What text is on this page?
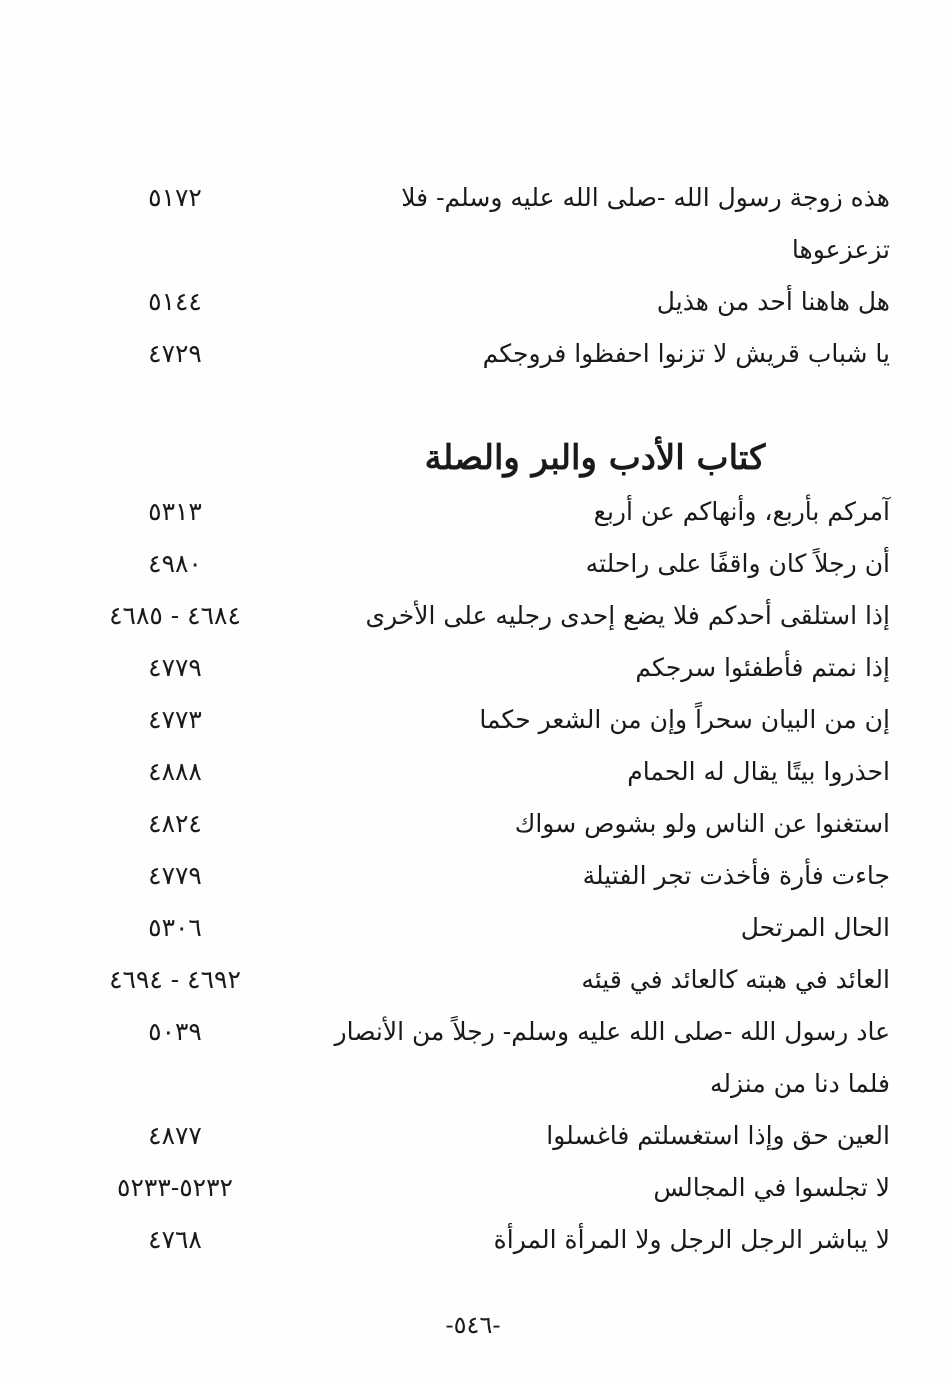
هذه زوجة رسول الله -صلى الله عليه وسلم- فلا
٥١٧٢
تزعزعوها
هل هاهنا أحد من هذيل
٥١٤٤
يا شباب قريش لا تزنوا احفظوا فروجكم
٤٧٢٩
كتاب الأدب والبر والصلة
آمركم بأربع، وأنهاكم عن أربع
٥٣١٣
أن رجلاً كان واقفًا على راحلته
٤٩٨٠
إذا استلقى أحدكم فلا يضع إحدى رجليه على الأخرى
٤٦٨٤ - ٤٦٨٥
إذا نمتم فأطفئوا سرجكم
٤٧٧٩
إن من البيان سحراً وإن من الشعر حكما
٤٧٧٣
احذروا بيتًا يقال له الحمام
٤٨٨٨
استغنوا عن الناس ولو بشوص سواك
٤٨٢٤
جاءت فأرة فأخذت تجر الفتيلة
٤٧٧٩
الحال المرتحل
٥٣٠٦
العائد في هبته كالعائد في قيئه
٤٦٩٢ - ٤٦٩٤
عاد رسول الله -صلى الله عليه وسلم- رجلاً من الأنصار
٥٠٣٩
فلما دنا من منزله
العين حق وإذا استغسلتم فاغسلوا
٤٨٧٧
لا تجلسوا في المجالس
٥٢٣٢-٥٢٣٣
لا يباشر الرجل الرجل ولا المرأة المرأة
٤٧٦٨
-٥٤٦-
